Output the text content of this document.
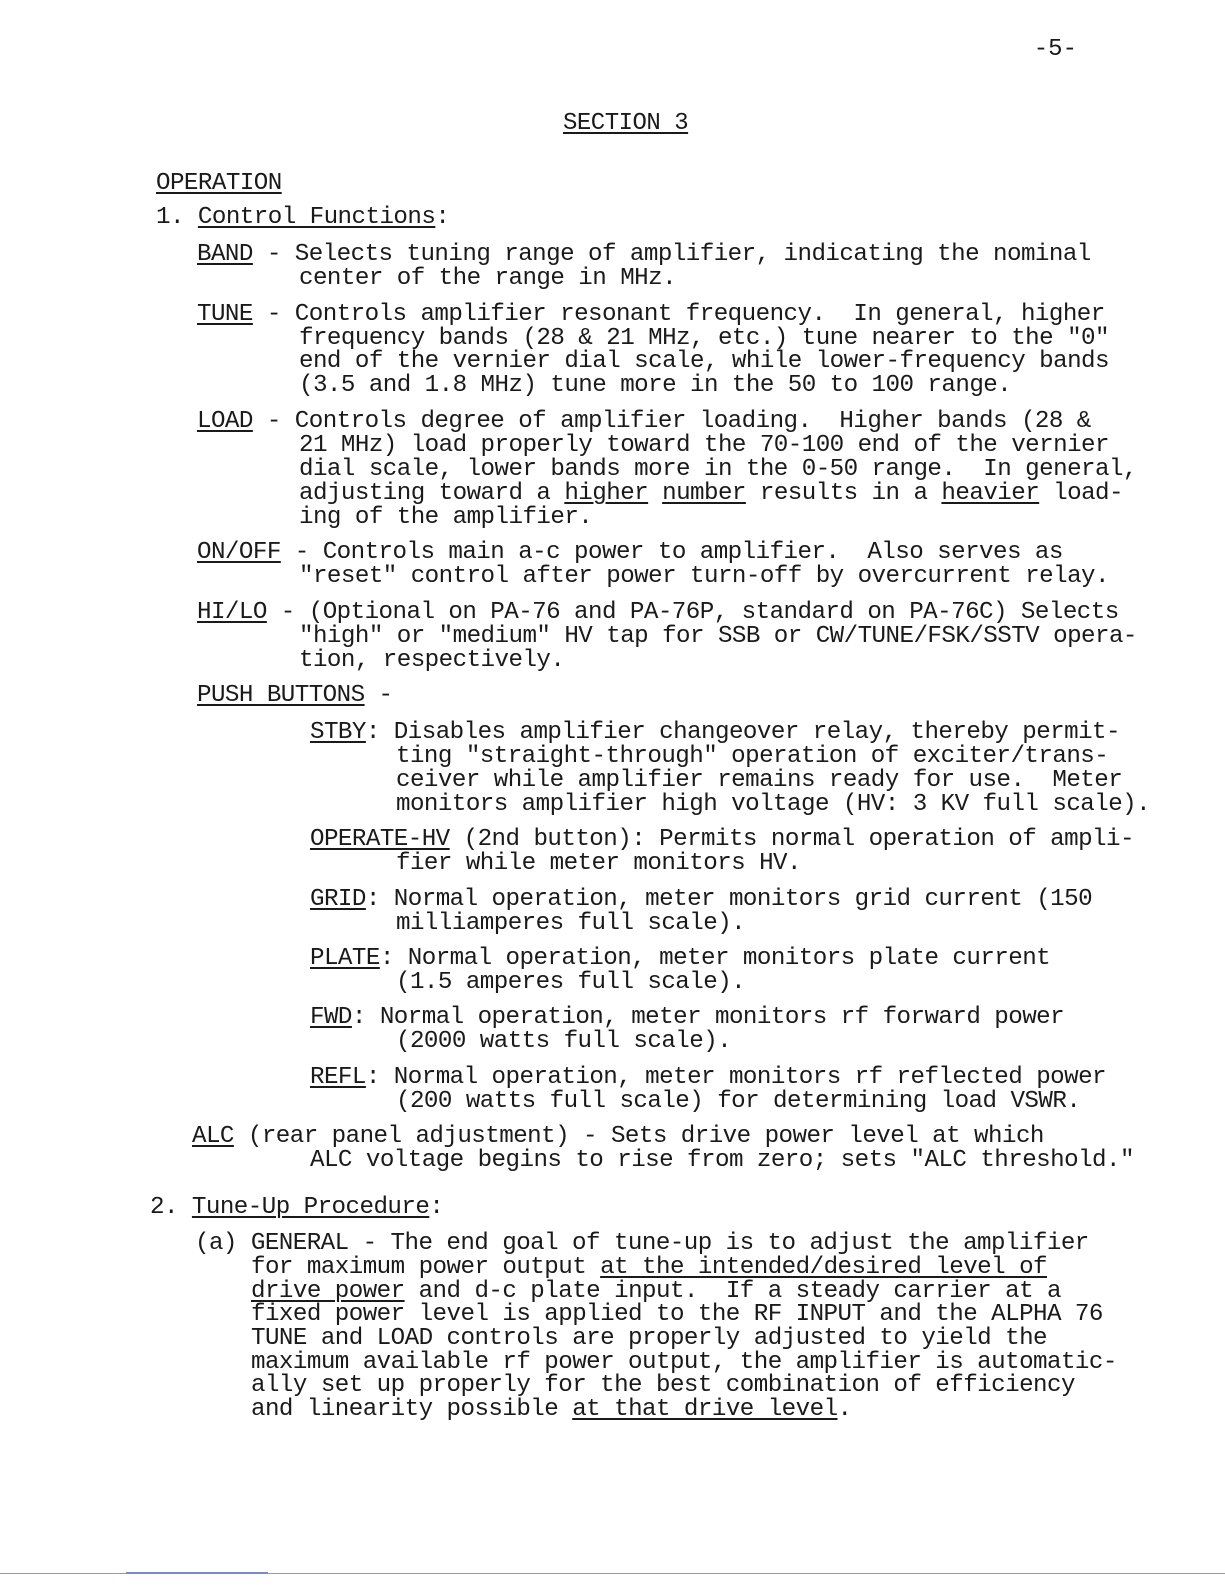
-5-
SECTION 3
OPERATION
1. Control Functions:
BAND - Selects tuning range of amplifier, indicating the nominal
center of the range in MHz.
TUNE - Controls amplifier resonant frequency.  In general, higher
frequency bands (28 & 21 MHz, etc.) tune nearer to the "0"
end of the vernier dial scale, while lower-frequency bands
(3.5 and 1.8 MHz) tune more in the 50 to 100 range.
LOAD - Controls degree of amplifier loading.  Higher bands (28 &
21 MHz) load properly toward the 70-100 end of the vernier
dial scale, lower bands more in the 0-50 range.  In general,
adjusting toward a higher number results in a heavier load-
ing of the amplifier.
ON/OFF - Controls main a-c power to amplifier.  Also serves as
"reset" control after power turn-off by overcurrent relay.
HI/LO - (Optional on PA-76 and PA-76P, standard on PA-76C) Selects
"high" or "medium" HV tap for SSB or CW/TUNE/FSK/SSTV opera-
tion, respectively.
PUSH BUTTONS -
STBY: Disables amplifier changeover relay, thereby permit-
ting "straight-through" operation of exciter/trans-
ceiver while amplifier remains ready for use.  Meter
monitors amplifier high voltage (HV: 3 KV full scale).
OPERATE-HV (2nd button): Permits normal operation of ampli-
fier while meter monitors HV.
GRID: Normal operation, meter monitors grid current (150
milliamperes full scale).
PLATE: Normal operation, meter monitors plate current
(1.5 amperes full scale).
FWD: Normal operation, meter monitors rf forward power
(2000 watts full scale).
REFL: Normal operation, meter monitors rf reflected power
(200 watts full scale) for determining load VSWR.
ALC (rear panel adjustment) - Sets drive power level at which
ALC voltage begins to rise from zero; sets "ALC threshold."
2. Tune-Up Procedure:
(a) GENERAL - The end goal of tune-up is to adjust the amplifier
for maximum power output at the intended/desired level of
drive power and d-c plate input.  If a steady carrier at a
fixed power level is applied to the RF INPUT and the ALPHA 76
TUNE and LOAD controls are properly adjusted to yield the
maximum available rf power output, the amplifier is automatic-
ally set up properly for the best combination of efficiency
and linearity possible at that drive level.
